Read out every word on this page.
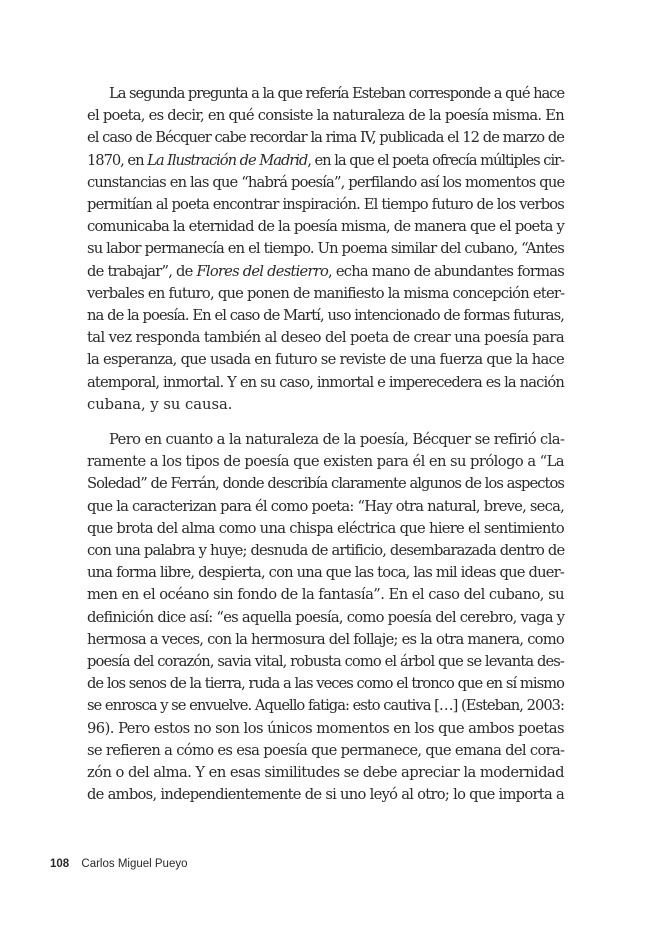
La segunda pregunta a la que refería Esteban corresponde a qué hace
el poeta, es decir, en qué consiste la naturaleza de la poesía misma. En
el caso de Bécquer cabe recordar la rima IV, publicada el 12 de marzo de
1870, en La Ilustración de Madrid, en la que el poeta ofrecía múltiples cir-
cunstancias en las que “habrá poesía”, perfilando así los momentos que
permitían al poeta encontrar inspiración. El tiempo futuro de los verbos
comunicaba la eternidad de la poesía misma, de manera que el poeta y
su labor permanecía en el tiempo. Un poema similar del cubano, “Antes
de trabajar”, de Flores del destierro, echa mano de abundantes formas
verbales en futuro, que ponen de manifiesto la misma concepción eter-
na de la poesía. En el caso de Martí, uso intencionado de formas futuras,
tal vez responda también al deseo del poeta de crear una poesía para
la esperanza, que usada en futuro se reviste de una fuerza que la hace
atemporal, inmortal. Y en su caso, inmortal e imperecedera es la nación
cubana, y su causa.

Pero en cuanto a la naturaleza de la poesía, Bécquer se refirió cla-
ramente a los tipos de poesía que existen para él en su prólogo a “La
Soledad” de Ferrán, donde describía claramente algunos de los aspectos
que la caracterizan para él como poeta: “Hay otra natural, breve, seca,
que brota del alma como una chispa eléctrica que hiere el sentimiento
con una palabra y huye; desnuda de artificio, desembarazada dentro de
una forma libre, despierta, con una que las toca, las mil ideas que duer-
men en el océano sin fondo de la fantasía”. En el caso del cubano, su
definición dice así: “es aquella poesía, como poesía del cerebro, vaga y
hermosa a veces, con la hermosura del follaje; es la otra manera, como
poesía del corazón, savia vital, robusta como el árbol que se levanta des-
de los senos de la tierra, ruda a las veces como el tronco que en sí mismo
se enrosca y se envuelve. Aquello fatiga: esto cautiva […] (Esteban, 2003:
96). Pero estos no son los únicos momentos en los que ambos poetas
se refieren a cómo es esa poesía que permanece, que emana del cora-
zón o del alma. Y en esas similitudes se debe apreciar la modernidad
de ambos, independientemente de si uno leyó al otro; lo que importa a

108 Carlos Miguel Pueyo
